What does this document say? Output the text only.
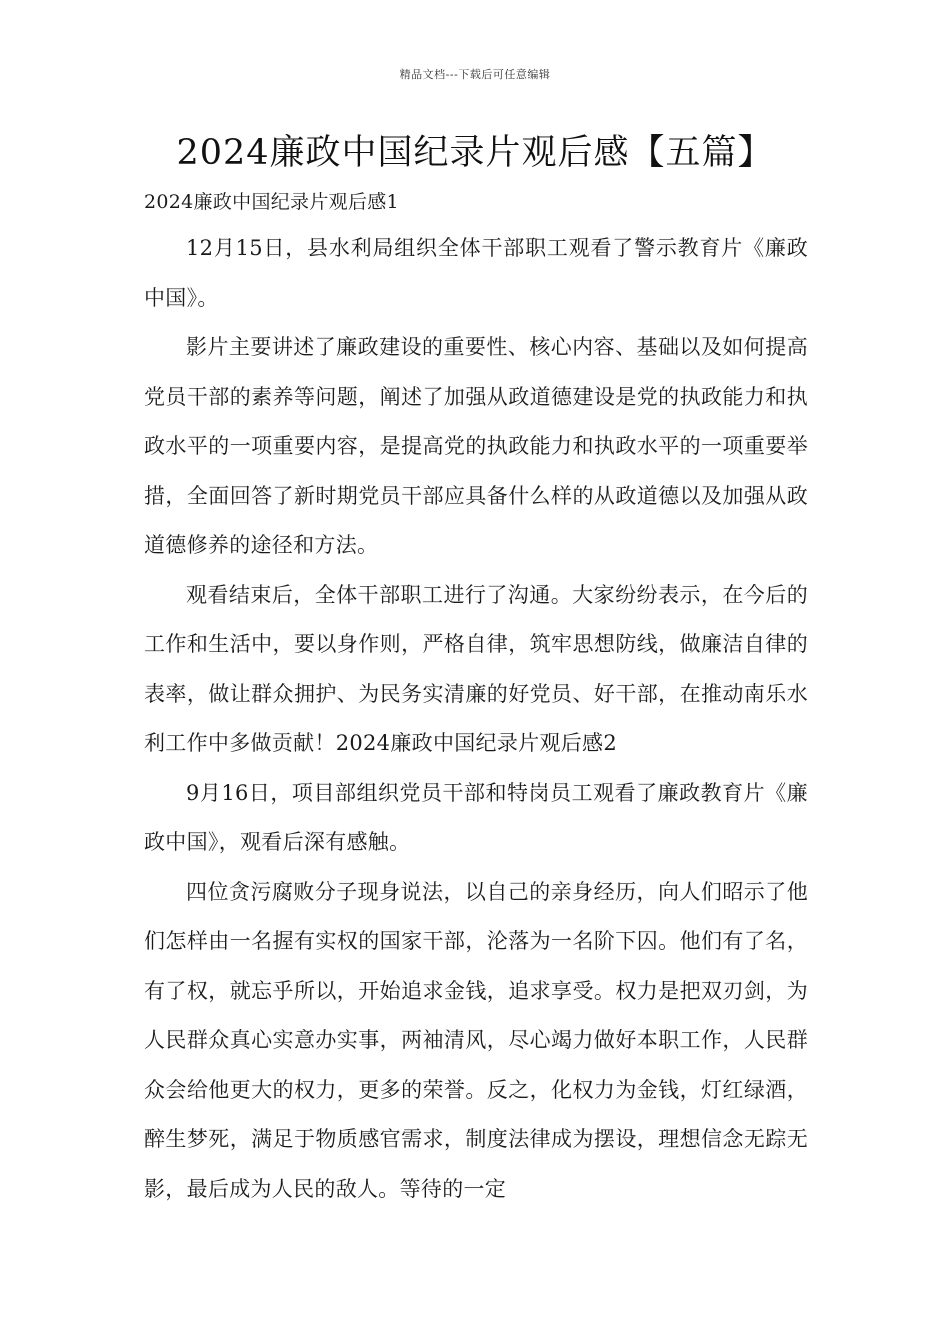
精品文档---下载后可任意编辑
2024廉政中国纪录片观后感【五篇】

2024廉政中国纪录片观后感1

12月15日，县水利局组织全体干部职工观看了警示教育片《廉政中国》。

影片主要讲述了廉政建设的重要性、核心内容、基础以及如何提高党员干部的素养等问题，阐述了加强从政道德建设是党的执政能力和执政水平的一项重要内容，是提高党的执政能力和执政水平的一项重要举措，全面回答了新时期党员干部应具备什么样的从政道德以及加强从政道德修养的途径和方法。

观看结束后，全体干部职工进行了沟通。大家纷纷表示，在今后的工作和生活中，要以身作则，严格自律，筑牢思想防线，做廉洁自律的表率，做让群众拥护、为民务实清廉的好党员、好干部，在推动南乐水利工作中多做贡献！2024廉政中国纪录片观后感2

9月16日，项目部组织党员干部和特岗员工观看了廉政教育片《廉政中国》，观看后深有感触。

四位贪污腐败分子现身说法，以自己的亲身经历，向人们昭示了他们怎样由一名握有实权的国家干部，沦落为一名阶下囚。他们有了名，有了权，就忘乎所以，开始追求金钱，追求享受。权力是把双刃剑，为人民群众真心实意办实事，两袖清风，尽心竭力做好本职工作，人民群众会给他更大的权力，更多的荣誉。反之，化权力为金钱，灯红绿酒，醉生梦死，满足于物质感官需求，制度法律成为摆设，理想信念无踪无影，最后成为人民的敌人。等待的一定
